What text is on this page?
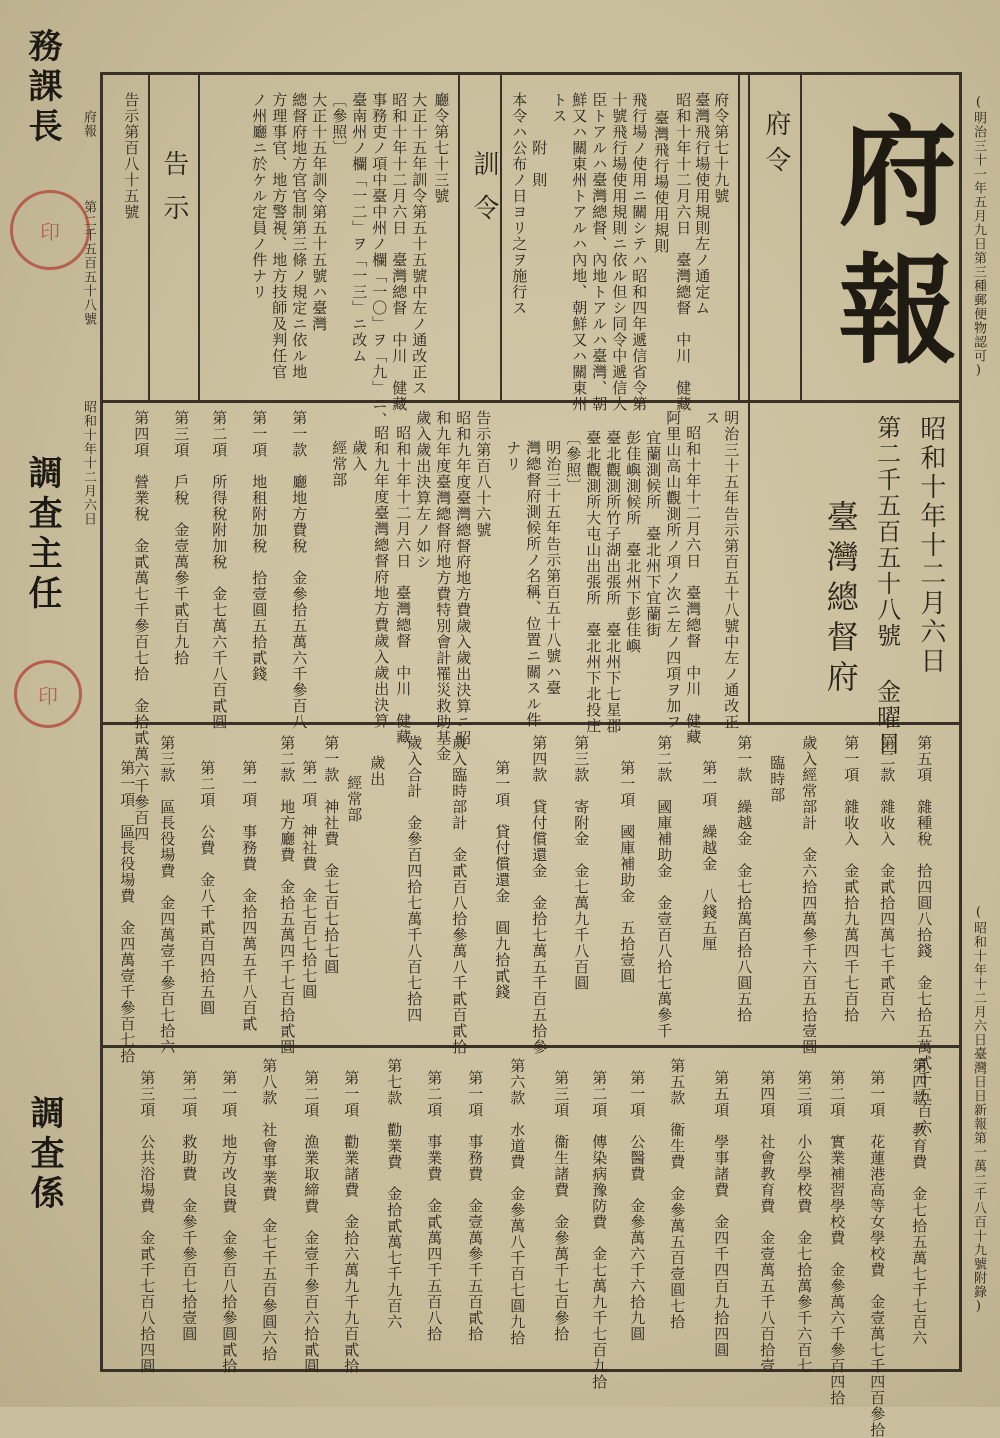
務課長
印
調査主任
印
調査係
昭和十年十二月六日
府報
第二千五百五十八號	(明治三十一年五月九日第三種郵便物認可)
(昭和十年十二月六日臺灣日日新報第一萬二千八百十九號附錄)
府報
昭和十年十二月六日
第二千五百五十八號 金曜日
臺灣總督府
府令
府令第七十九號
臺灣飛行場使用規則左ノ通定ム
昭和十年十二月六日　臺灣總督　中川　健藏
臺灣飛行場使用規則
飛行場ノ使用ニ關シテハ昭和四年遞信省令第
十號飛行場使用規則ニ依ル但シ同令中遞信大
臣トアルハ臺灣總督、內地トアルハ臺灣、朝
鮮又ハ關東州トアルハ內地、朝鮮又ハ關東州
トス
附　則
本令ハ公布ノ日ヨリ之ヲ施行ス
訓令
廳令第七十三號
大正十五年訓令第五十五號中左ノ通改正ス
昭和十年十二月六日　臺灣總督　中川　健藏
事務吏ノ項中臺中州ノ欄「一〇」ヲ「九」ニ、
臺南州ノ欄「一二」ヲ「一三」ニ改ム
〔參照〕
大正十五年訓令第五十五號ハ臺灣
總督府地方官官制第三條ノ規定ニ依ル地
方理事官、地方警視、地方技師及判任官
ノ州廳ニ於ケル定員ノ件ナリ
告示
告示第百八十五號
明治三十五年告示第百五十八號中左ノ通改正
ス
昭和十年十二月六日　臺灣總督　中川　健藏
阿里山高山觀測所ノ項ノ次ニ左ノ四項ヲ加フ
宜蘭測候所　臺北州下宜蘭街
彭佳嶼測候所　臺北州下彭佳嶼
臺北觀測所竹子湖出張所　臺北州下七星郡
臺北觀測所大屯山出張所　臺北州下北投庄
〔參照〕
明治三十五年告示第百五十八號ハ臺
灣總督府測候所ノ名稱、位置ニ關スル件
ナリ
告示第百八十六號
昭和九年度臺灣總督府地方費歲入歲出決算ニ昭
和九年度臺灣總督府地方費特別會計罹災救助基金
歲入歲出決算左ノ如シ
昭和十年十二月六日　臺灣總督　中川　健藏
昭和九年度臺灣總督府地方費歲入歲出決算
歲入
經常部
第一款　廳地方費稅　金參拾五萬六千參百八
第一項　地租附加稅　拾壹圓五拾貳錢
第二項　所得稅附加稅　金七萬六千八百貳圓
第三項　戶稅　金壹萬參千貳百九拾
第四項　營業稅　金貳萬七千參百七拾　金拾貳萬六千參百四
第五項　雜種稅　拾四圓八拾錢　金七拾五萬貳千五百六
第二款　雜收入　金貳拾四萬七千貳百六
第一項　雜收入　金貳拾九萬四千七百拾
歲入經常部計　金六拾四萬參千六百五拾壹圓
臨時部
第一款　繰越金　金七拾萬百拾八圓五拾
第一項　繰越金　八錢五厘
第二款　國庫補助金　金壹百八拾七萬參千
第一項　國庫補助金　五拾壹圓
第三款　寄附金　金七萬九千八百圓
第四款　貸付償還金　金拾七萬五千百五拾參
第一項　貸付償還金　圓九拾貳錢
歲入臨時部計　金貳百八拾參萬八千貳百貳拾
歲入合計　金參百四拾七萬千八百七拾四
歲出
經常部
第一款　神社費　金七百七拾七圓
第一項　神社費　金七百七拾七圓
第二款　地方廳費　金拾五萬四千七百拾貳圓
第一項　事務費　金拾四萬五千八百貳
第二項　公費　金八千貳百四拾五圓
第三款　區長役場費　金四萬壹千參百七拾六
第一項　區長役場費　金四萬壹千參百七拾
第四款　教育費　金七拾五萬七千七百六
第一項　花蓮港高等女學校費　金壹萬七千四百參拾
第二項　實業補習學校費　金參萬六千參百四拾
第三項　小公學校費　金七拾萬參千六百七
第四項　社會教育費　金壹萬五千八百拾壹
第五項　學事諸費　金四千四百九拾四圓
第五款　衞生費　金參萬五百壹圓七拾
第一項　公醫費　金參萬六千六拾九圓
第二項　傳染病豫防費　金七萬九千七百九拾
第三項　衞生諸費　金參萬千七百參拾
第六款　水道費　金參萬八千百七圓九拾
第一項　事務費　金壹萬參千五百貳拾
第二項　事業費　金貳萬四千五百八拾
第七款　勸業費　金拾貳萬七千九百六
第一項　勸業諸費　金拾六萬九千九百貳拾
第二項　漁業取締費　金壹千參百六拾貳圓
第八款　社會事業費　金七千五百參圓六拾
第一項　地方改良費　金參百八拾參圓貳拾
第二項　救助費　金參千參百七拾壹圓
第三項　公共浴場費　金貳千七百八拾四圓
